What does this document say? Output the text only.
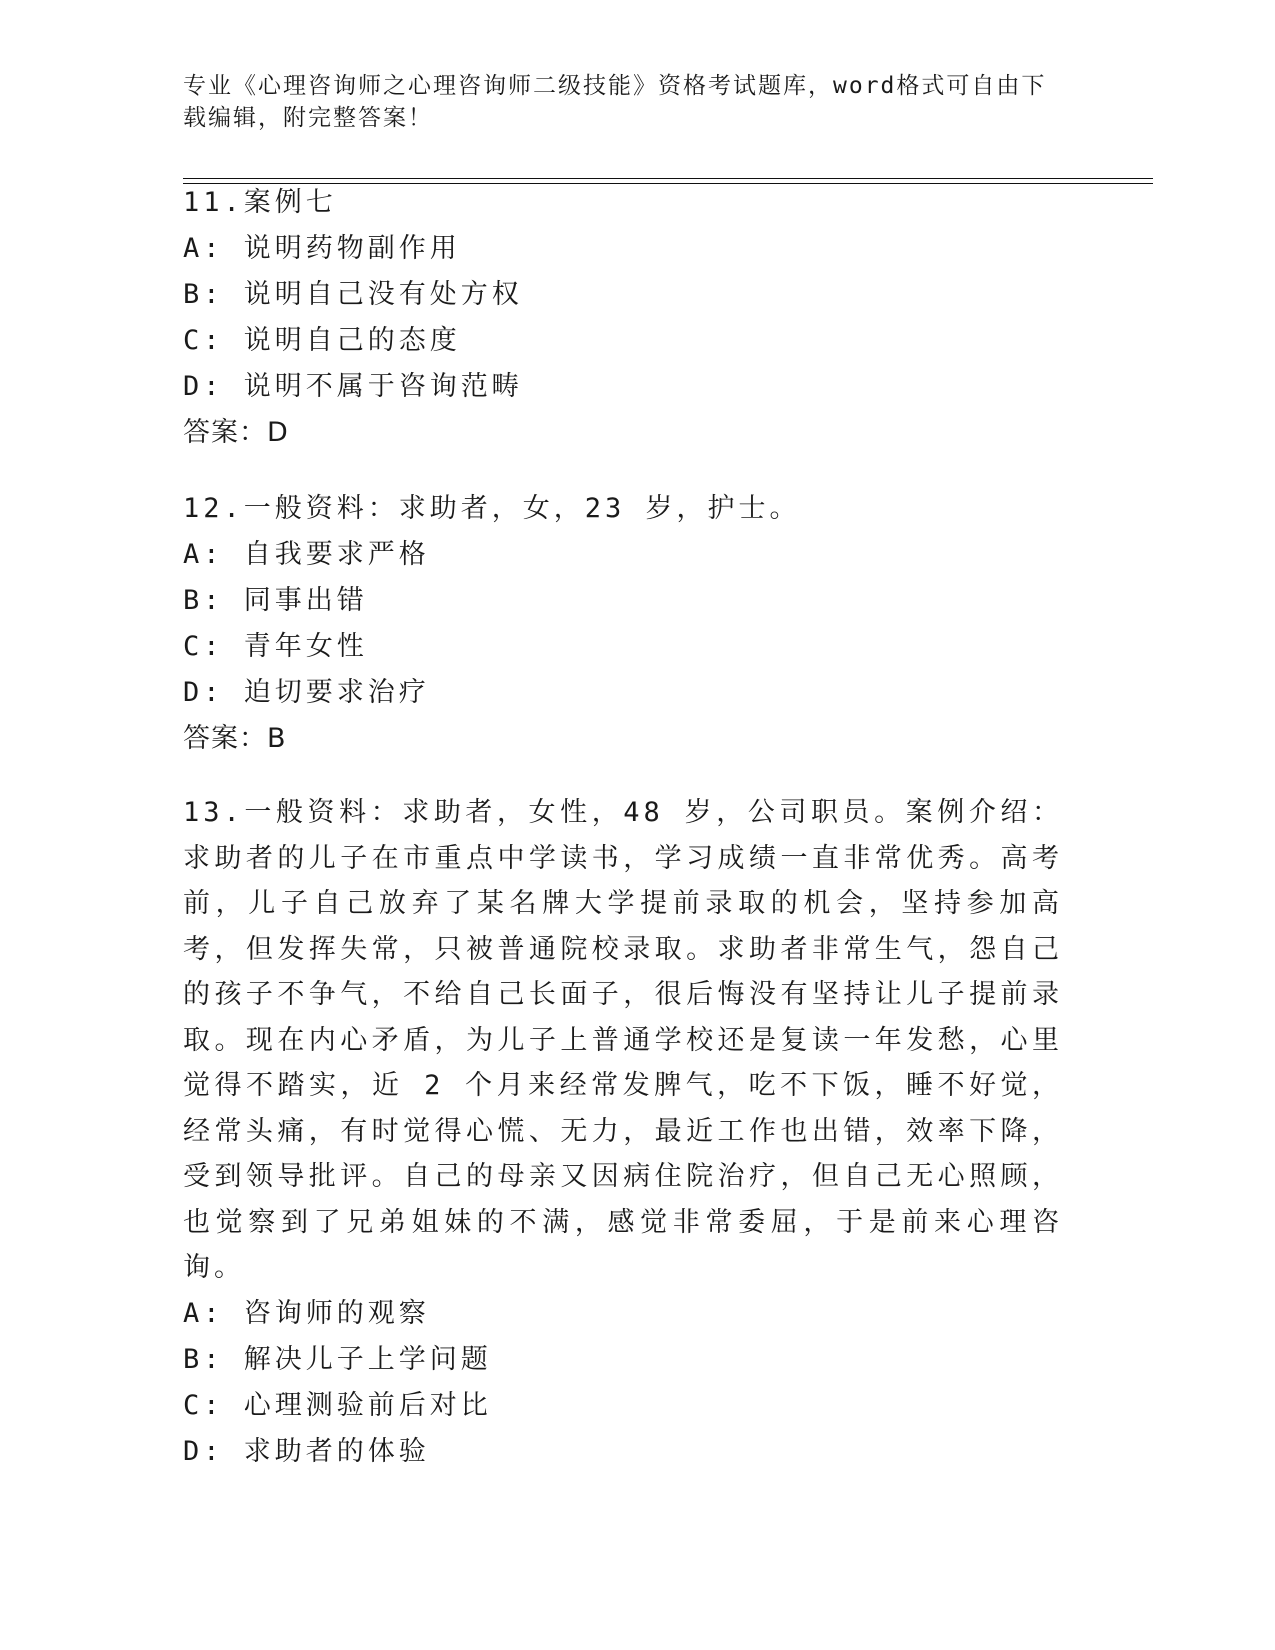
专业《心理咨询师之心理咨询师二级技能》资格考试题库，word格式可自由下载编辑，附完整答案！
11.案例七
A: 说明药物副作用
B: 说明自己没有处方权
C: 说明自己的态度
D: 说明不属于咨询范畴
答案：D
12.一般资料：求助者，女，23 岁，护士。
A: 自我要求严格
B: 同事出错
C: 青年女性
D: 迫切要求治疗
答案：B
13.一般资料：求助者，女性，48 岁，公司职员。案例介绍：求助者的儿子在市重点中学读书，学习成绩一直非常优秀。高考前，儿子自己放弃了某名牌大学提前录取的机会，坚持参加高考，但发挥失常，只被普通院校录取。求助者非常生气，怨自己的孩子不争气，不给自己长面子，很后悔没有坚持让儿子提前录取。现在内心矛盾，为儿子上普通学校还是复读一年发愁，心里觉得不踏实，近 2 个月来经常发脾气，吃不下饭，睡不好觉，经常头痛，有时觉得心慌、无力，最近工作也出错，效率下降，受到领导批评。自己的母亲又因病住院治疗，但自己无心照顾，也觉察到了兄弟姐妹的不满，感觉非常委屈，于是前来心理咨询。
A: 咨询师的观察
B: 解决儿子上学问题
C: 心理测验前后对比
D: 求助者的体验
